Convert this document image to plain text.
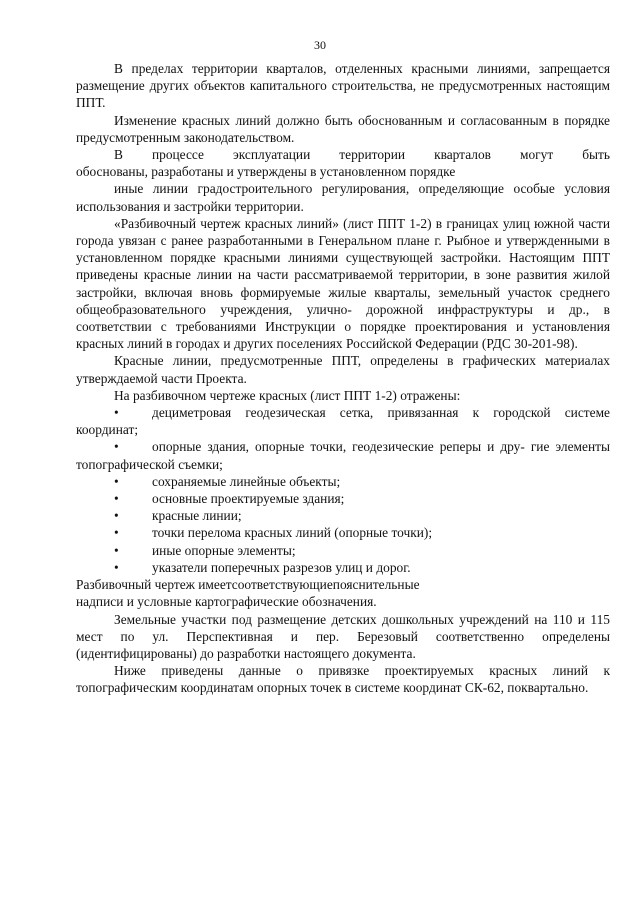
30

В пределах территории кварталов, отделенных красными линиями, запрещается размещение других объектов капитального строительства, не предусмотренных настоящим ППТ.

Изменение красных линий должно быть обоснованным и согласованным в порядке предусмотренным законодательством.

В процессе эксплуатации территории кварталов могут быть

обоснованы, разработаны и утверждены в установленном порядке

иные линии градостроительного регулирования, определяющие особые условия использования и застройки территории.

«Разбивочный чертеж красных линий» (лист ППТ 1-2) в границах улиц южной части города увязан с ранее разработанными в Генеральном плане г. Рыбное и утвержденными в установленном порядке красными линиями существующей застройки. Настоящим ППТ приведены красные линии на части рассматриваемой территории, в зоне развития жилой застройки, включая вновь формируемые жилые кварталы, земельный участок среднего общеобразовательного учреждения, улично- дорожной инфраструктуры и др., в соответствии с требованиями Инструкции о порядке проектирования и установления красных линий в городах и других поселениях Российской Федерации (РДС 30-201-98).

Красные линии, предусмотренные ППТ, определены в графических материалах утверждаемой части Проекта.

На разбивочном чертеже красных (лист ППТ 1-2) отражены:

• дециметровая геодезическая сетка, привязанная к городской системе координат;

• опорные здания, опорные точки, геодезические реперы и дру- гие элементы топографической съемки;

• сохраняемые линейные объекты;

• основные проектируемые здания;

• красные линии;

• точки перелома красных линий (опорные точки);

• иные опорные элементы;

• указатели поперечных разрезов улиц и дорог.

Разбивочный чертеж имеетсоответствующиепояснительные

надписи и условные картографические обозначения.

Земельные участки под размещение детских дошкольных учреждений на 110 и 115 мест по ул. Перспективная и пер. Березовый соответственно определены (идентифицированы) до разработки настоящего документа.

Ниже приведены данные о привязке проектируемых красных линий к топографическим координатам опорных точек в системе координат СК-62, поквартально.
